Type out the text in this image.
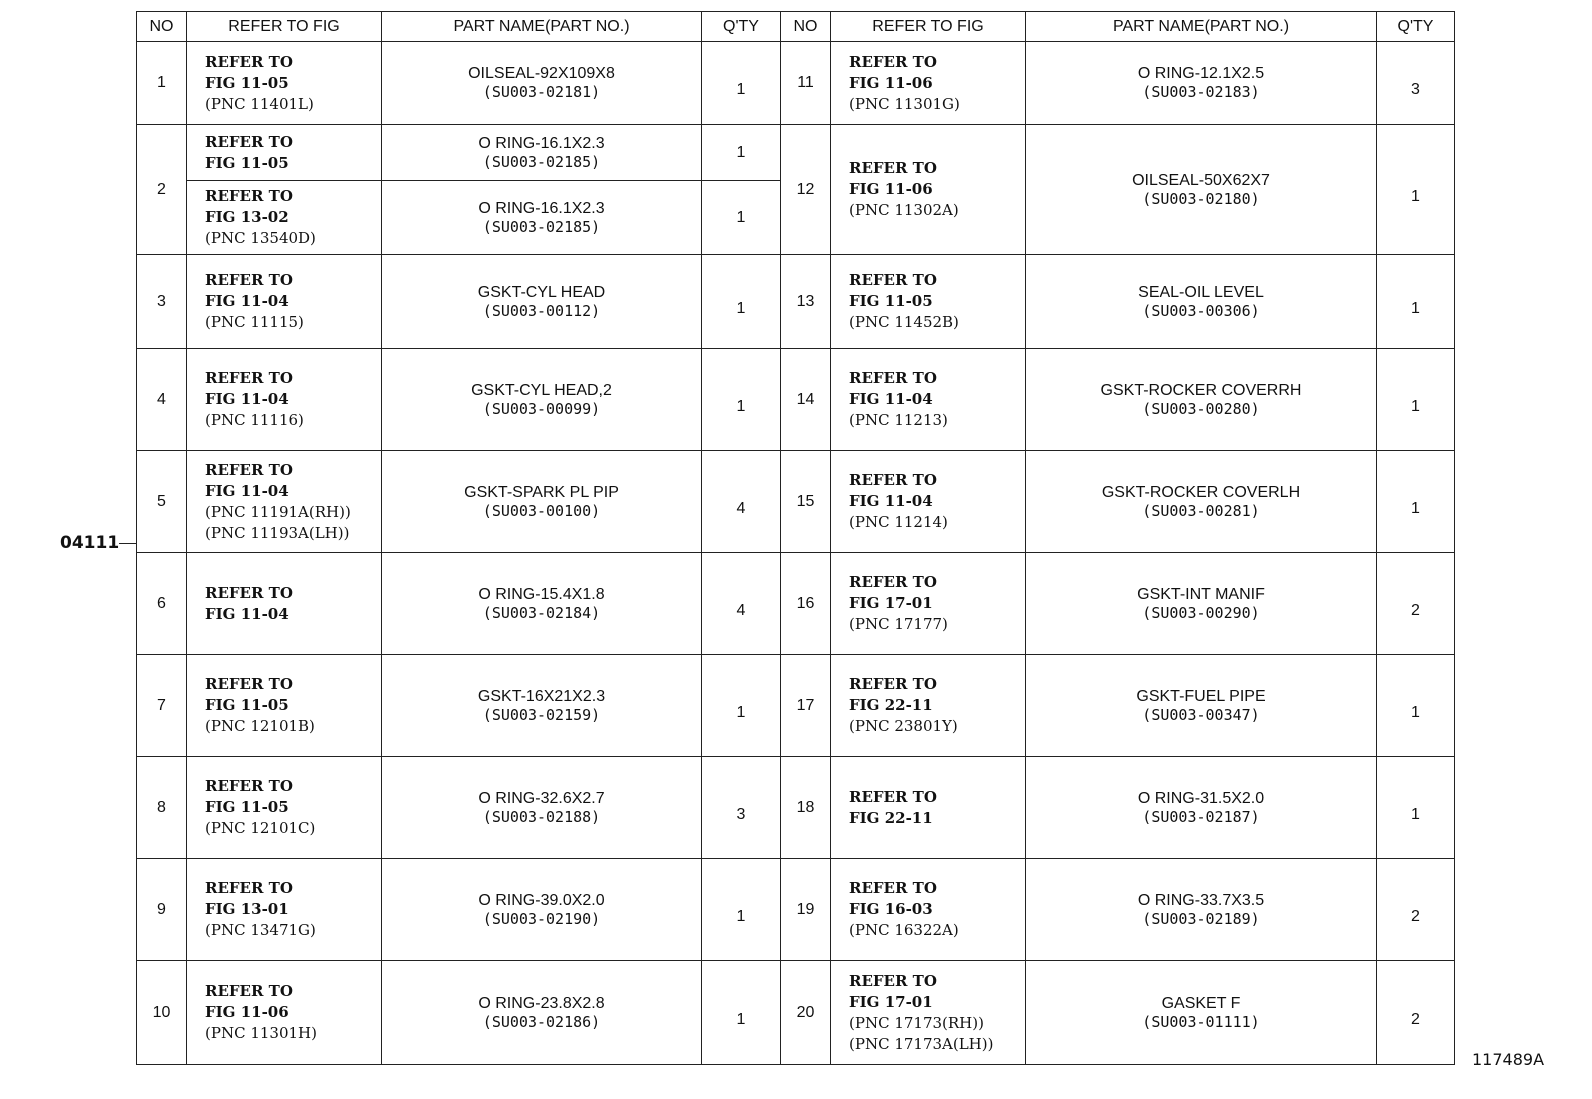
NO	REFER TO FIG	PART NAME(PART NO.)	Q'TY	NO	REFER TO FIG	PART NAME(PART NO.)	Q'TY
1	REFER TO
FIG 11-05
(PNC 11401L)	OILSEAL-92X109X8
(SU003-02181)	1	11	REFER TO
FIG 11-06
(PNC 11301G)	O RING-12.1X2.5
(SU003-02183)	3
2	REFER TO
FIG 11-05	O RING-16.1X2.3
(SU003-02185)	1	12	REFER TO
FIG 11-06
(PNC 11302A)	OILSEAL-50X62X7
(SU003-02180)	1

	REFER TO
FIG 13-02
(PNC 13540D)	O RING-16.1X2.3
(SU003-02185)	1				
3	REFER TO
FIG 11-04
(PNC 11115)	GSKT-CYL HEAD
(SU003-00112)	1	13	REFER TO
FIG 11-05
(PNC 11452B)	SEAL-OIL LEVEL
(SU003-00306)	1
4	REFER TO
FIG 11-04
(PNC 11116)	GSKT-CYL HEAD,2
(SU003-00099)	1	14	REFER TO
FIG 11-04
(PNC 11213)	GSKT-ROCKER COVERRH
(SU003-00280)	1
5	REFER TO
FIG 11-04
(PNC 11191A(RH))
(PNC 11193A(LH))	GSKT-SPARK PL PIP
(SU003-00100)	4	15	REFER TO
FIG 11-04
(PNC 11214)	GSKT-ROCKER COVERLH
(SU003-00281)	1
6	REFER TO
FIG 11-04	O RING-15.4X1.8
(SU003-02184)	4	16	REFER TO
FIG 17-01
(PNC 17177)	GSKT-INT MANIF
(SU003-00290)	2
7	REFER TO
FIG 11-05
(PNC 12101B)	GSKT-16X21X2.3
(SU003-02159)	1	17	REFER TO
FIG 22-11
(PNC 23801Y)	GSKT-FUEL PIPE
(SU003-00347)	1
8	REFER TO
FIG 11-05
(PNC 12101C)	O RING-32.6X2.7
(SU003-02188)	3	18	REFER TO
FIG 22-11	O RING-31.5X2.0
(SU003-02187)	1
9	REFER TO
FIG 13-01
(PNC 13471G)	O RING-39.0X2.0
(SU003-02190)	1	19	REFER TO
FIG 16-03
(PNC 16322A)	O RING-33.7X3.5
(SU003-02189)	2
10	REFER TO
FIG 11-06
(PNC 11301H)	O RING-23.8X2.8
(SU003-02186)	1	20	REFER TO
FIG 17-01
(PNC 17173(RH))
(PNC 17173A(LH))	GASKET F
(SU003-01111)	2
04111
117489A
